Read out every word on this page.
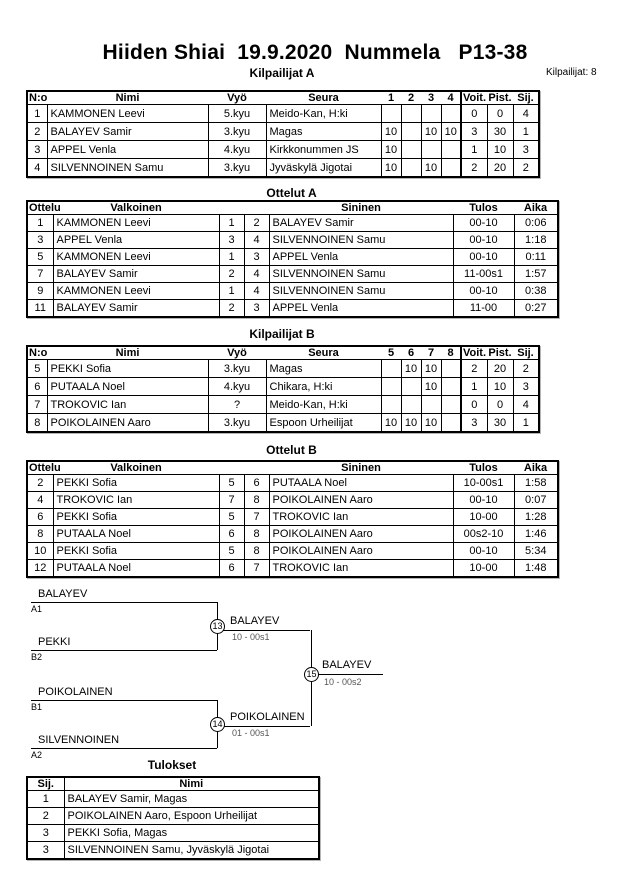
Hiiden Shiai  19.9.2020  Nummela   P13-38
Kilpailijat: 8
Kilpailijat A
N:o	Nimi	Vyö	Seura	1	2	3	4	Voit.	Pist.	Sij.
1	KAMMONEN Leevi	5.kyu	Meido-Kan, H:ki					0	0	4
2	BALAYEV Samir	3.kyu	Magas	10		10	10	3	30	1
3	APPEL Venla	4.kyu	Kirkkonummen JS	10				1	10	3
4	SILVENNOINEN Samu	3.kyu	Jyväskylä Jigotai	10		10		2	20	2
Ottelut A
Ottelu	Valkoinen			Sininen	Tulos	Aika
1	KAMMONEN Leevi	1	2	BALAYEV Samir	00-10	0:06
3	APPEL Venla	3	4	SILVENNOINEN Samu	00-10	1:18
5	KAMMONEN Leevi	1	3	APPEL Venla	00-10	0:11
7	BALAYEV Samir	2	4	SILVENNOINEN Samu	11-00s1	1:57
9	KAMMONEN Leevi	1	4	SILVENNOINEN Samu	00-10	0:38
11	BALAYEV Samir	2	3	APPEL Venla	11-00	0:27
Kilpailijat B
N:o	Nimi	Vyö	Seura	5	6	7	8	Voit.	Pist.	Sij.
5	PEKKI Sofia	3.kyu	Magas		10	10		2	20	2
6	PUTAALA Noel	4.kyu	Chikara, H:ki			10		1	10	3
7	TROKOVIC Ian	?	Meido-Kan, H:ki					0	0	4
8	POIKOLAINEN Aaro	3.kyu	Espoon Urheilijat	10	10	10		3	30	1
Ottelut B
Ottelu	Valkoinen			Sininen	Tulos	Aika
2	PEKKI Sofia	5	6	PUTAALA Noel	10-00s1	1:58
4	TROKOVIC Ian	7	8	POIKOLAINEN Aaro	00-10	0:07
6	PEKKI Sofia	5	7	TROKOVIC Ian	10-00	1:28
8	PUTAALA Noel	6	8	POIKOLAINEN Aaro	00s2-10	1:46
10	PEKKI Sofia	5	8	POIKOLAINEN Aaro	00-10	5:34
12	PUTAALA Noel	6	7	TROKOVIC Ian	10-00	1:48
BALAYEV
A1
PEKKI
B2
13 BALAYEV
10 - 00s1
POIKOLAINEN
B1
SILVENNOINEN
A2
14
POIKOLAINEN
01 - 00s1
15
BALAYEV
10 - 00s2
Tulokset
Sij.	Nimi
1	BALAYEV Samir, Magas
2	POIKOLAINEN Aaro, Espoon Urheilijat
3	PEKKI Sofia, Magas
3	SILVENNOINEN Samu, Jyväskylä Jigotai
